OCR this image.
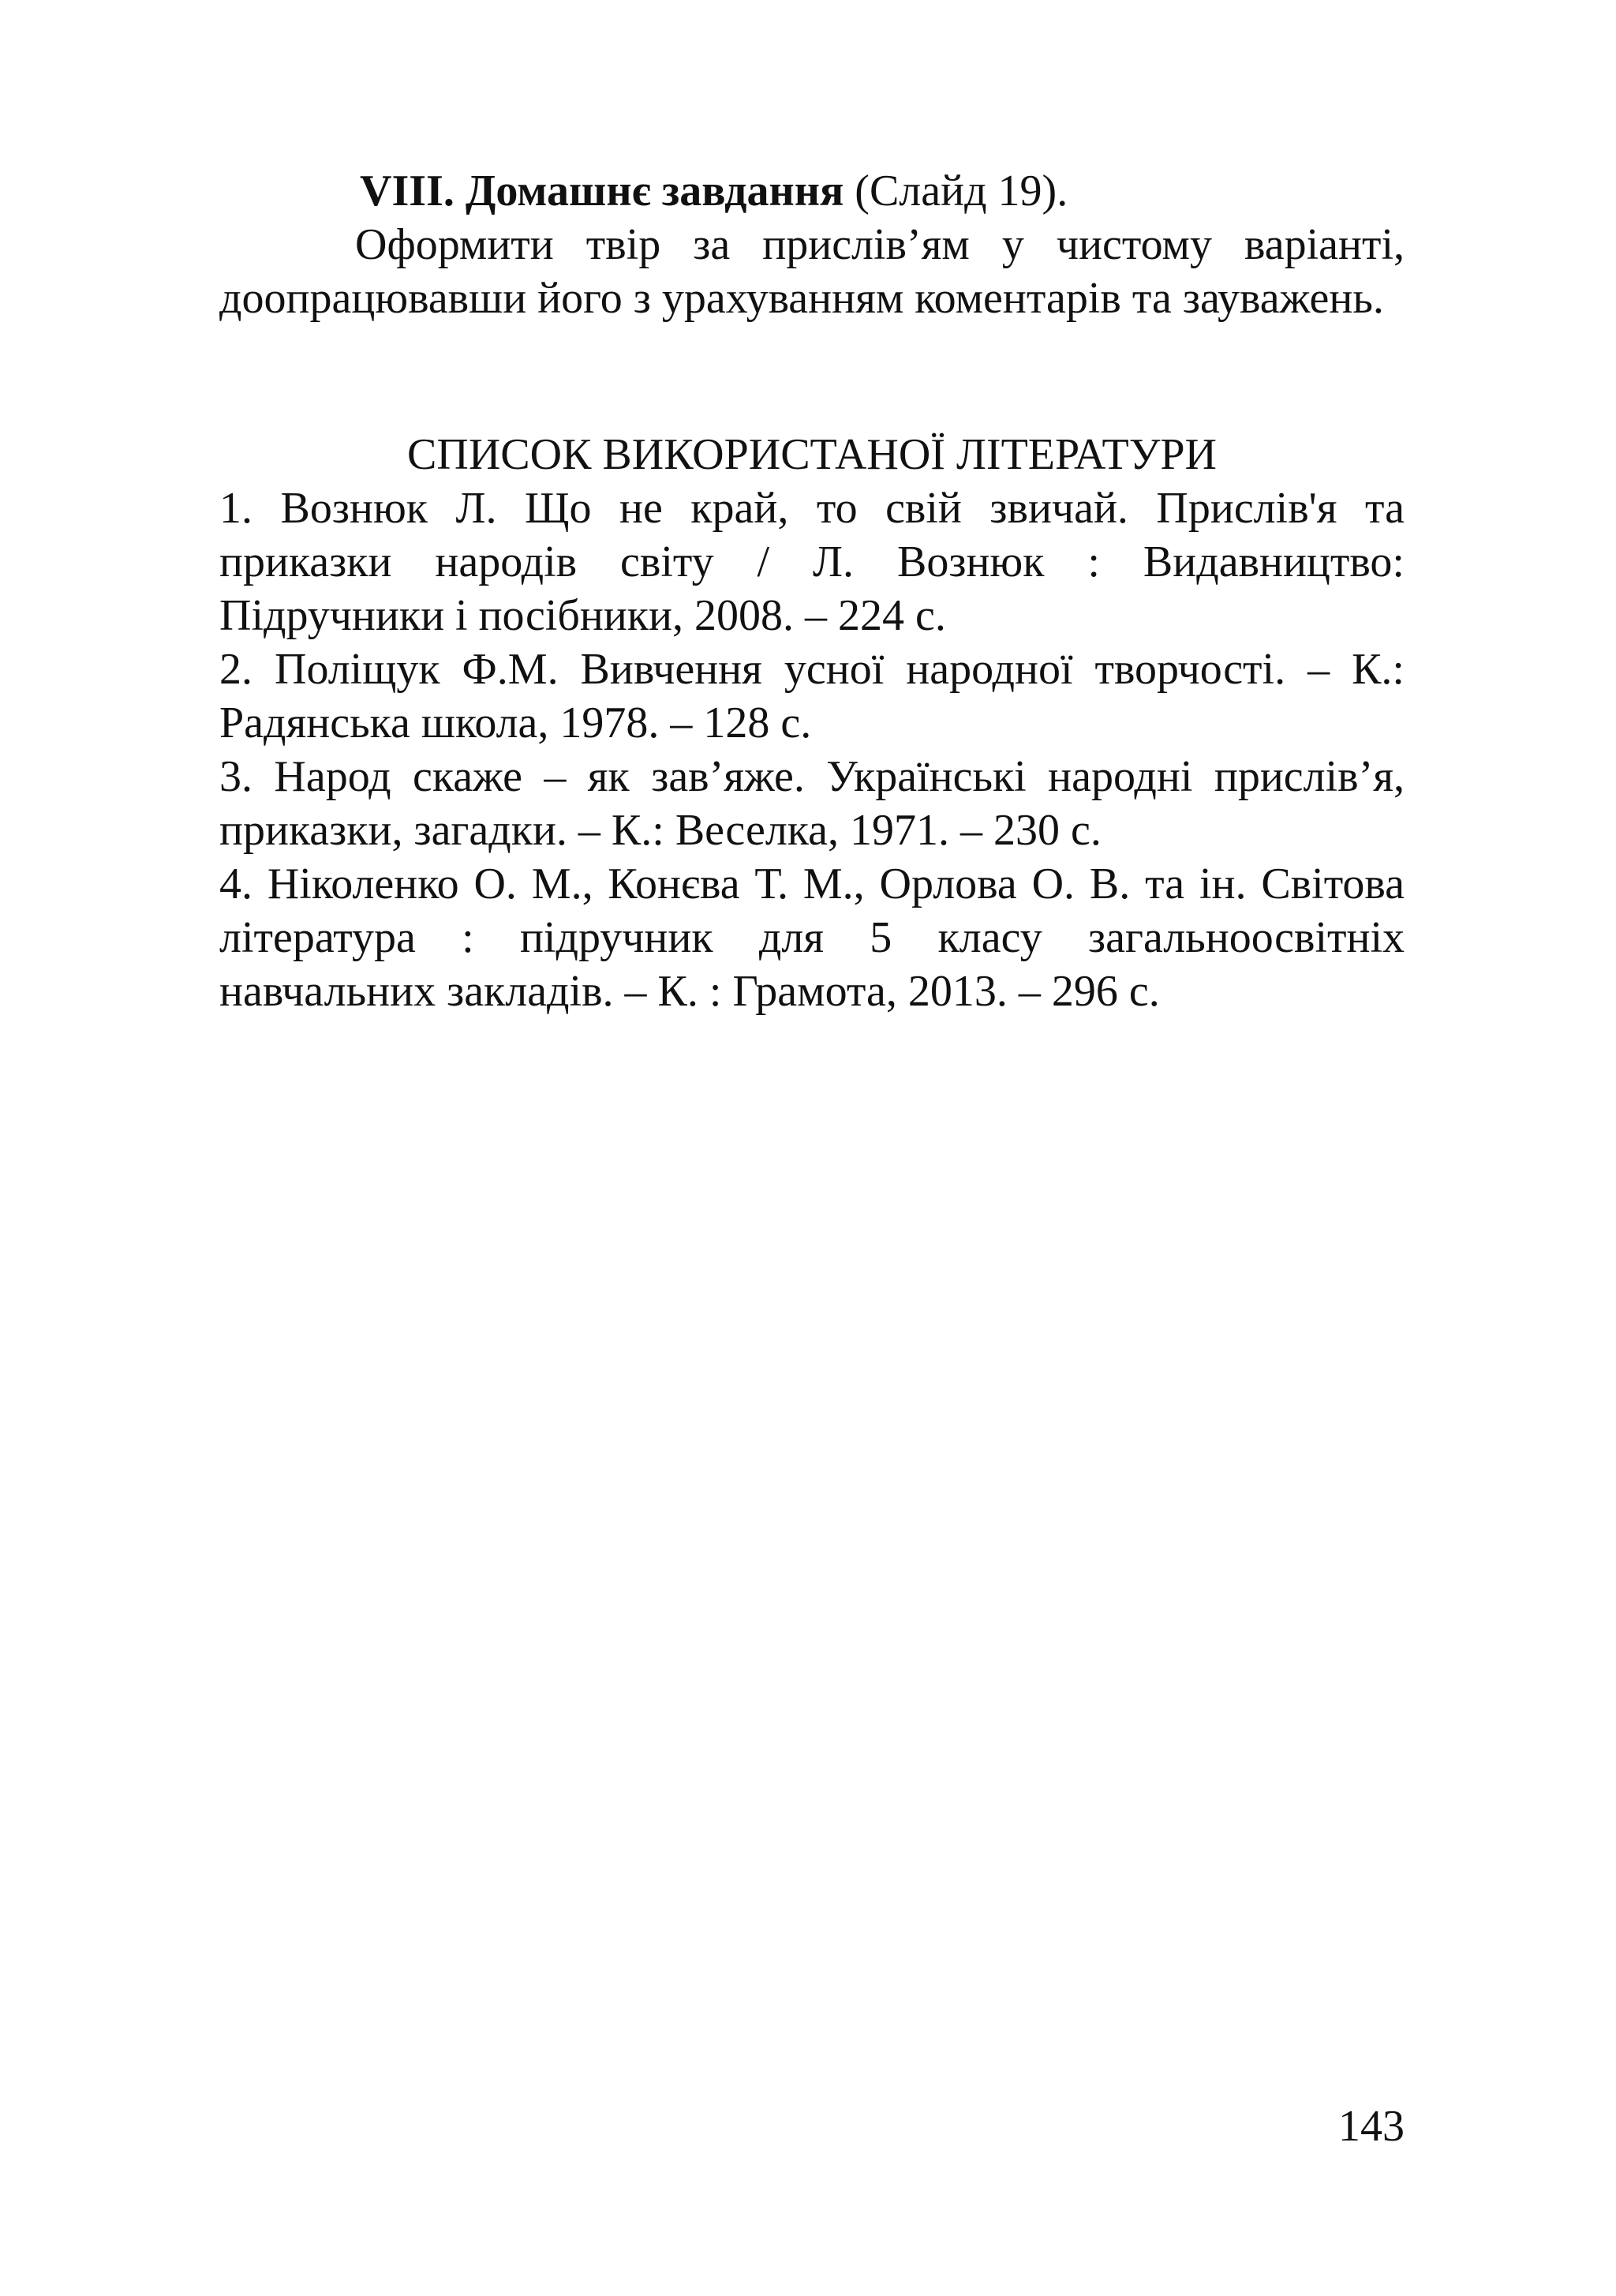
VIII. Домашнє завдання (Слайд 19).
Оформити твір за прислів’ям у чистому варіанті, доопрацювавши його з урахуванням коментарів та зауважень.
СПИСОК ВИКОРИСТАНОЇ ЛІТЕРАТУРИ

1. Вознюк Л. Що не край, то свій звичай. Прислів'я та приказки народів світу / Л. Вознюк : Видавництво: Підручники і посібники, 2008. – 224 с.

2. Поліщук Ф.М. Вивчення усної народної творчості. – К.: Радянська школа, 1978. – 128 с.

3. Народ скаже – як зав’яже. Українські народні прислів’я, приказки, загадки. – К.: Веселка, 1971. – 230 с.

4. Ніколенко О. М., Конєва Т. М., Орлова О. В. та ін. Світова література : підручник для 5 класу загальноосвітніх навчальних закладів. – К. : Грамота, 2013. – 296 с.

143
